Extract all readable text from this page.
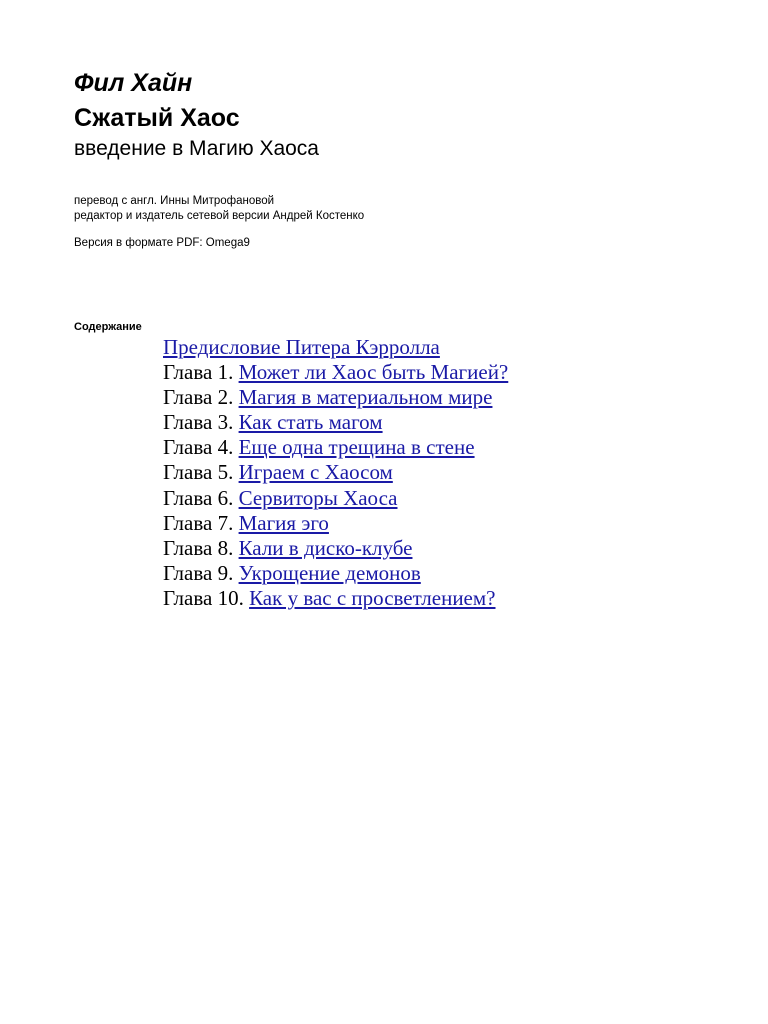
Фил Хайн
Сжатый Хаос

введение в Магию Хаоса

перевод с англ. Инны Митрофановой

редактор и издатель сетевой версии Андрей Костенко

Версия в формате PDF: Omega9

Содержание

Предисловие Питера Кэрролла
Глава 1. Может ли Хаос быть Магией?
Глава 2. Магия в материальном мире
Глава 3. Как стать магом
Глава 4. Еще одна трещина в стене
Глава 5. Играем с Хаосом
Глава 6. Сервиторы Хаоса
Глава 7. Магия эго
Глава 8. Кали в диско-клубе
Глава 9. Укрощение демонов
Глава 10. Как у вас с просветлением?
